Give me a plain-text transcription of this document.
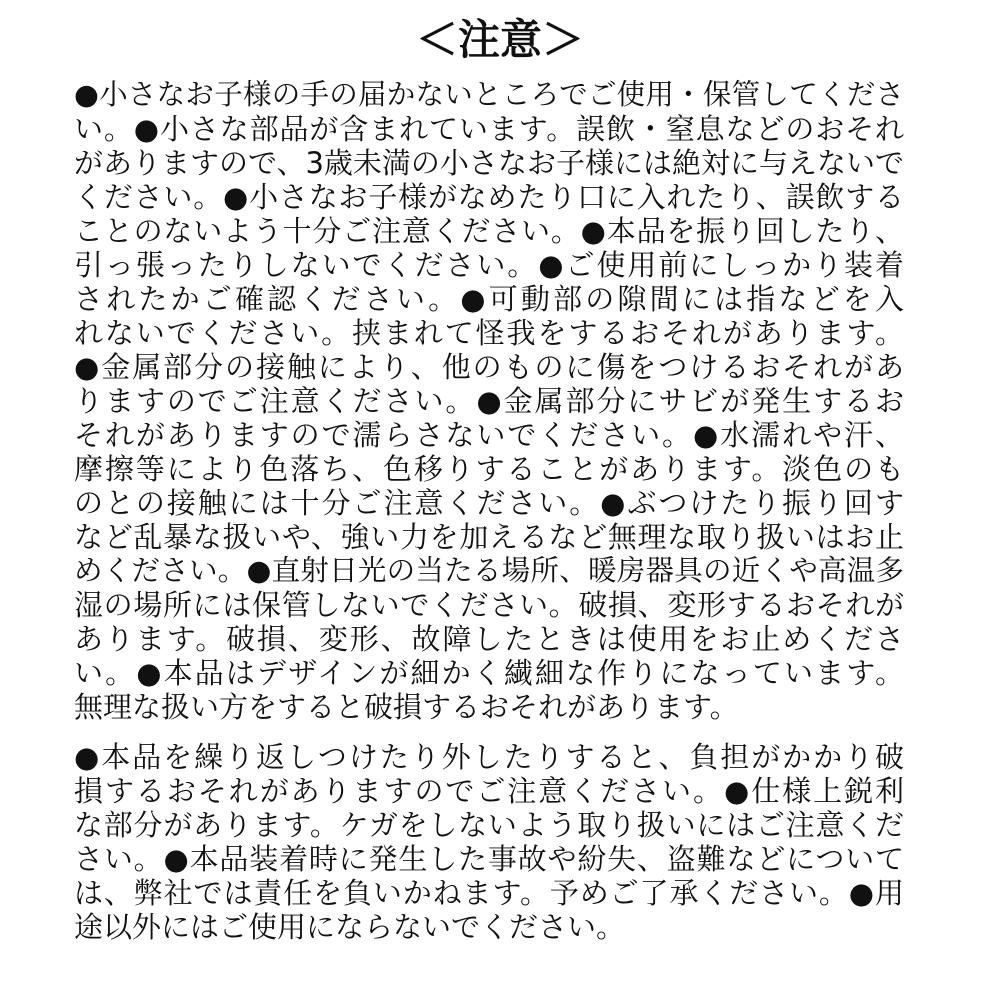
＜注意＞
●小さなお子様の手の届かないところでご使用・保管してくださ
い。●小さな部品が含まれています。誤飲・窒息などのおそれ
がありますので、3歳未満の小さなお子様には絶対に与えないで
ください。●小さなお子様がなめたり口に入れたり、誤飲する
ことのないよう十分ご注意ください。●本品を振り回したり、
引っ張ったりしないでください。●ご使用前にしっかり装着
されたかご確認ください。●可動部の隙間には指などを入
れないでください。挟まれて怪我をするおそれがあります。
●金属部分の接触により、他のものに傷をつけるおそれがあ
りますのでご注意ください。●金属部分にサビが発生するお
それがありますので濡らさないでください。●水濡れや汗、
摩擦等により色落ち、色移りすることがあります。淡色のも
のとの接触には十分ご注意ください。●ぶつけたり振り回す
など乱暴な扱いや、強い力を加えるなど無理な取り扱いはお止
めください。●直射日光の当たる場所、暖房器具の近くや高温多
湿の場所には保管しないでください。破損、変形するおそれが
あります。破損、変形、故障したときは使用をお止めくださ
い。●本品はデザインが細かく繊細な作りになっています。
無理な扱い方をすると破損するおそれがあります。
●本品を繰り返しつけたり外したりすると、負担がかかり破
損するおそれがありますのでご注意ください。●仕様上鋭利
な部分があります。ケガをしないよう取り扱いにはご注意くだ
さい。●本品装着時に発生した事故や紛失、盗難などについて
は、弊社では責任を負いかねます。予めご了承ください。●用
途以外にはご使用にならないでください。
